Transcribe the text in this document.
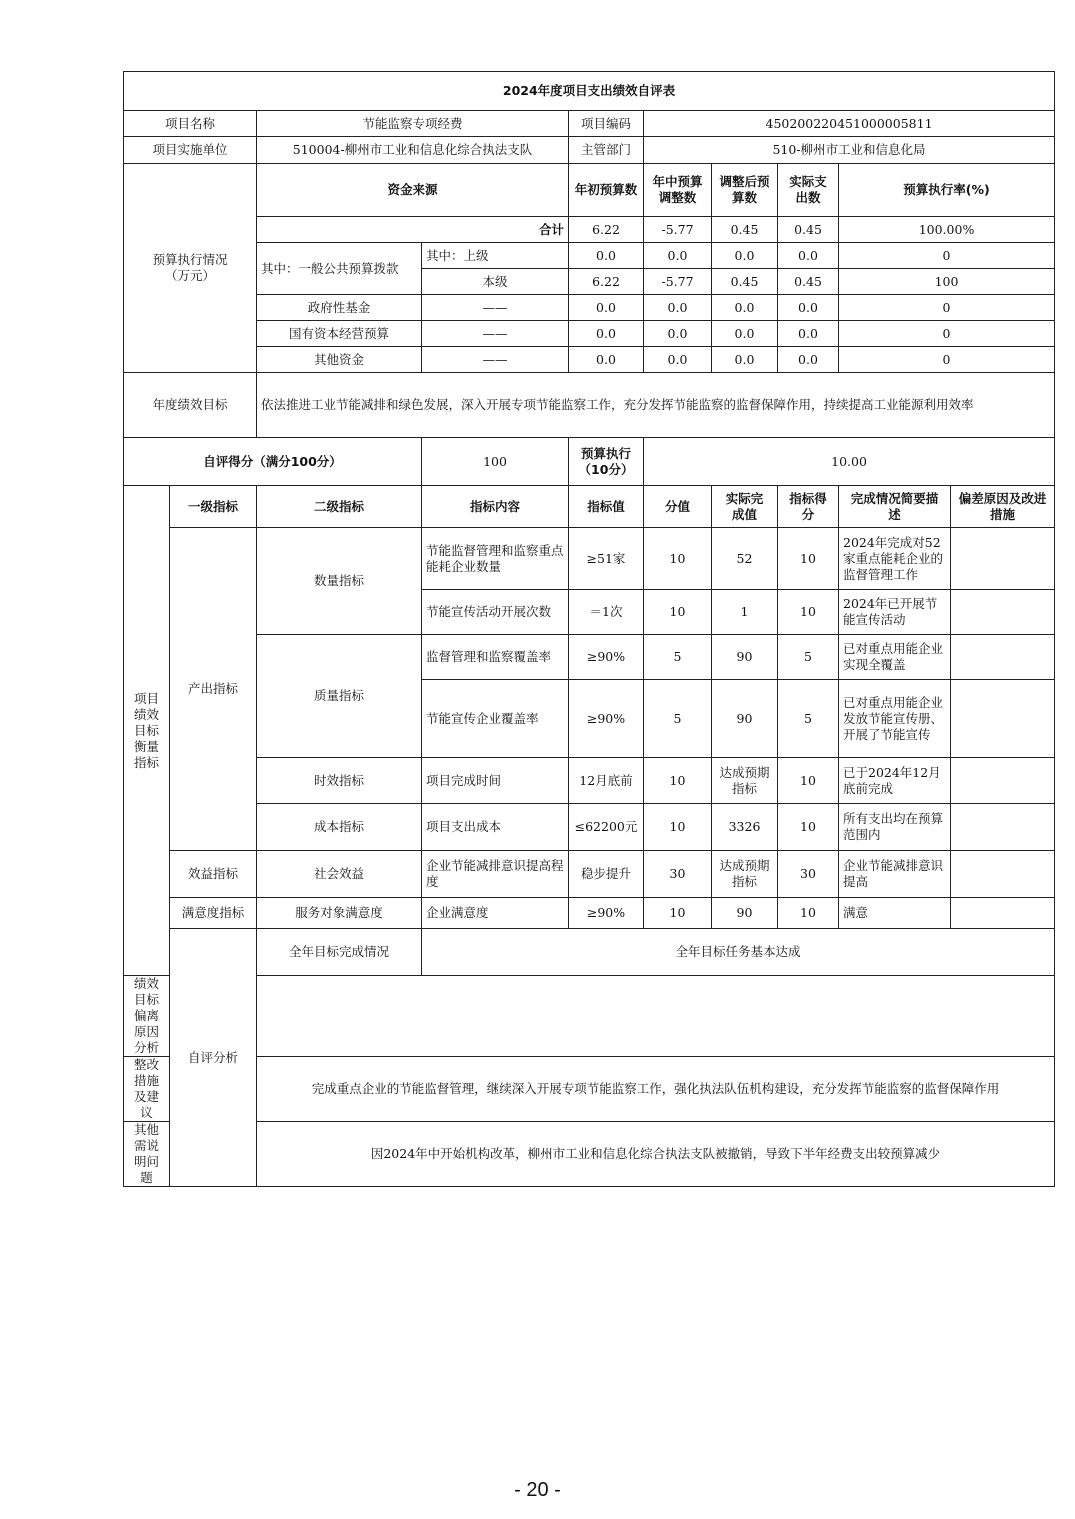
2024年度项目支出绩效自评表									
项目名称		节能监察专项经费		项目编码	450200220451000005811				
项目实施单位		510004-柳州市工业和信息化综合执法支队		主管部门	510-柳州市工业和信息化局				
预算执行情况（万元）		资金来源		年初预算数	年中预算调整数	调整后预算数	实际支出数	预算执行率(%)	
		合计		6.22	-5.77	0.45	0.45	100.00%	
		其中：一般公共预算拨款	其中：上级	0.0	0.0	0.0	0.0	0	
			本级	6.22	-5.77	0.45	0.45	100	
		政府性基金	——	0.0	0.0	0.0	0.0	0	
		国有资本经营预算	——	0.0	0.0	0.0	0.0	0	
		其他资金	——	0.0	0.0	0.0	0.0	0	
年度绩效目标		依法推进工业节能减排和绿色发展，深入开展专项节能监察工作，充分发挥节能监察的监督保障作用，持续提高工业能源利用效率							
自评得分（满分100分）			100	预算执行（10分）	10.00				
项目绩效目标衡量指标	一级指标	二级指标	指标内容	指标值	分值	实际完成值	指标得分	完成情况简要描述	偏差原因及改进措施
	产出指标	数量指标	节能监督管理和监察重点能耗企业数量	≥51家	10	52	10	2024年完成对52家重点能耗企业的监督管理工作	
			节能宣传活动开展次数	＝1次	10	1	10	2024年已开展节能宣传活动	
		质量指标	监督管理和监察覆盖率	≥90%	5	90	5	已对重点用能企业实现全覆盖	
			节能宣传企业覆盖率	≥90%	5	90	5	已对重点用能企业发放节能宣传册、开展了节能宣传	
		时效指标	项目完成时间	12月底前	10	达成预期指标	10	已于2024年12月底前完成	
		成本指标	项目支出成本	≤62200元	10	3326	10	所有支出均在预算范围内	
	效益指标	社会效益	企业节能减排意识提高程度	稳步提升	30	达成预期指标	30	企业节能减排意识提高	
	满意度指标	服务对象满意度	企业满意度	≥90%	10	90	10	满意	
	自评分析	全年目标完成情况	全年目标任务基本达成						
绩效目标偏离原因分析									
整改措施及建议		完成重点企业的节能监督管理，继续深入开展专项节能监察工作，强化执法队伍机构建设，充分发挥节能监察的监督保障作用							
其他需说明问题		因2024年中开始机构改革，柳州市工业和信息化综合执法支队被撤销，导致下半年经费支出较预算减少							
- 20 -
